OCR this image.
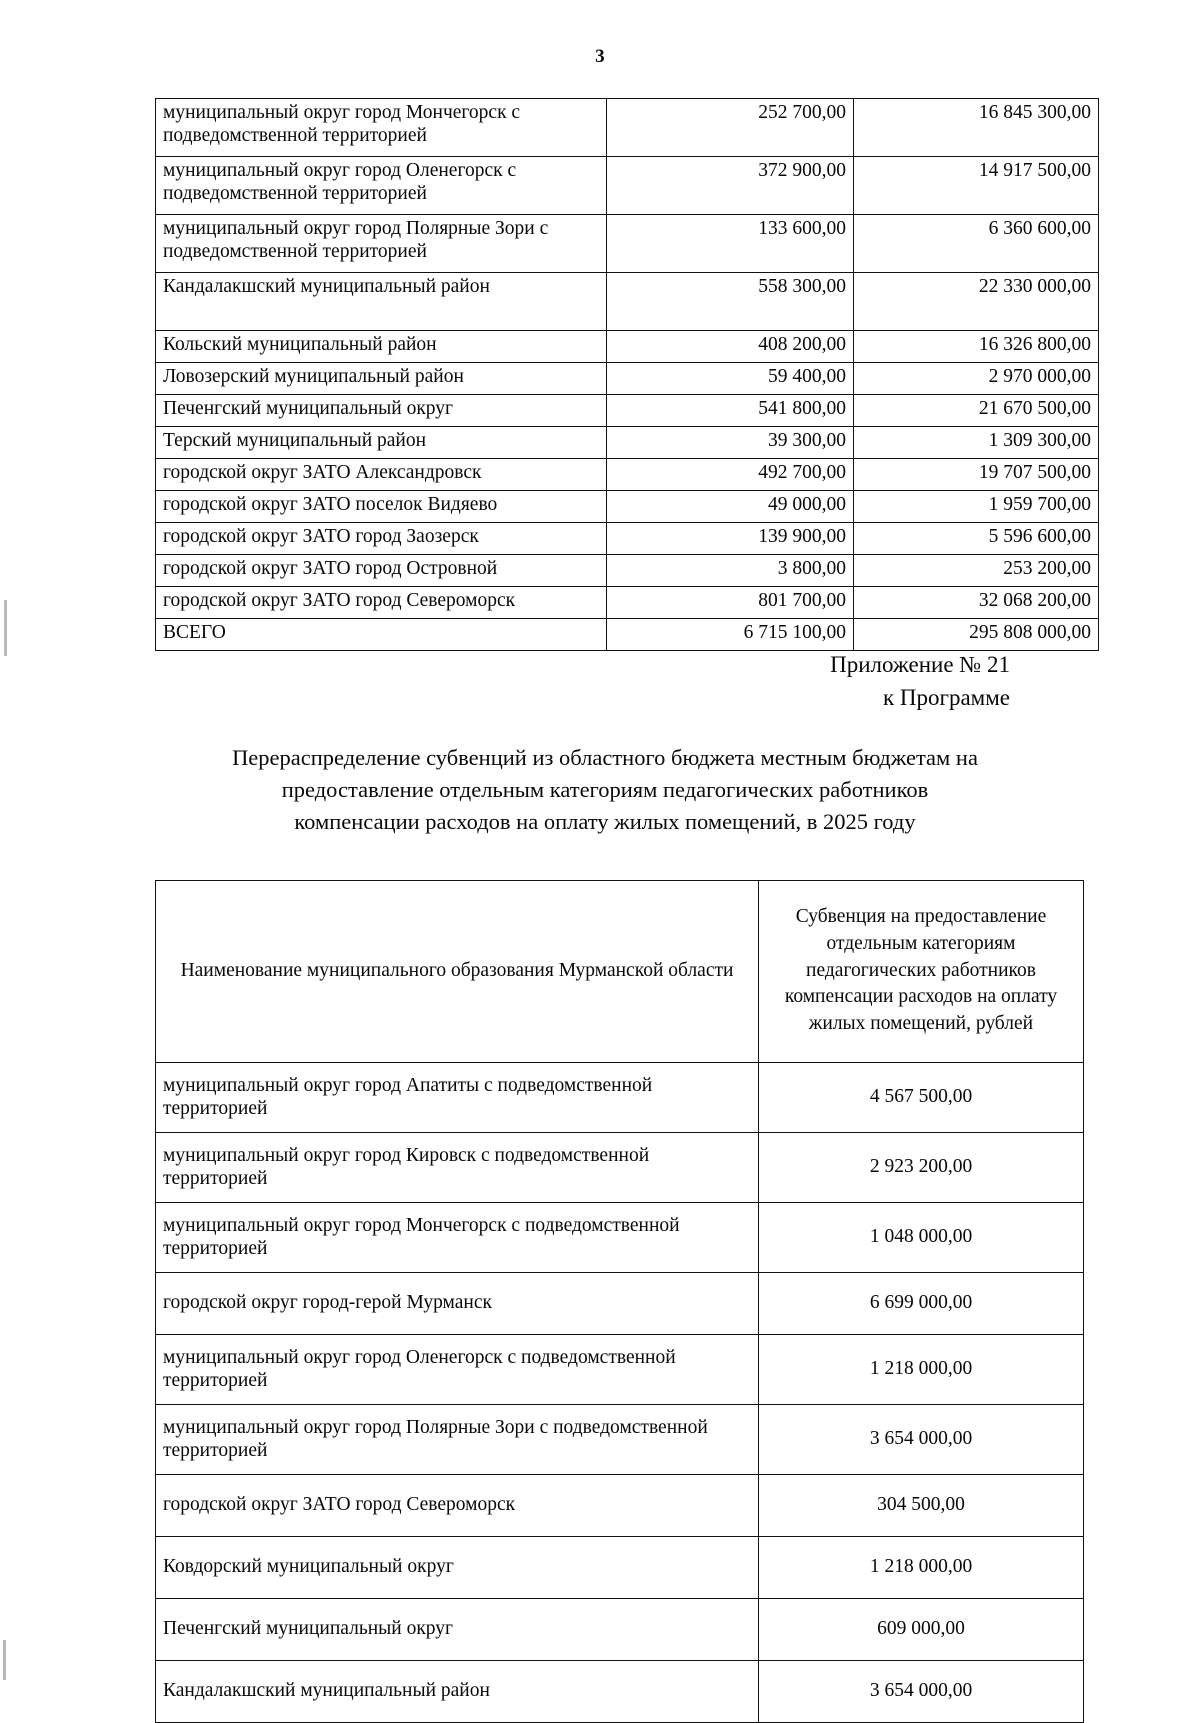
3
муниципальный округ город Мончегорск с подведомственной территорией	252 700,00	16 845 300,00
муниципальный округ город Оленегорск с подведомственной территорией	372 900,00	14 917 500,00
муниципальный округ город Полярные Зори с подведомственной территорией	133 600,00	6 360 600,00
Кандалакшский муниципальный район	558 300,00	22 330 000,00
Кольский муниципальный район	408 200,00	16 326 800,00
Ловозерский муниципальный район	59 400,00	2 970 000,00
Печенгский муниципальный округ	541 800,00	21 670 500,00
Терский муниципальный район	39 300,00	1 309 300,00
городской округ ЗАТО Александровск	492 700,00	19 707 500,00
городской округ ЗАТО поселок Видяево	49 000,00	1 959 700,00
городской округ ЗАТО город Заозерск	139 900,00	5 596 600,00
городской округ ЗАТО город Островной	3 800,00	253 200,00
городской округ ЗАТО город Североморск	801 700,00	32 068 200,00
ВСЕГО	6 715 100,00	295 808 000,00
Приложение № 21
к Программе
Перераспределение субвенций из областного бюджета местным бюджетам на
предоставление отдельным категориям педагогических работников
компенсации расходов на оплату жилых помещений, в 2025 году
Наименование муниципального образования Мурманской области	Субвенция на предоставление отдельным категориям педагогических работников компенсации расходов на оплату жилых помещений, рублей
муниципальный округ город Апатиты с подведомственной территорией	4 567 500,00
муниципальный округ город Кировск с подведомственной территорией	2 923 200,00
муниципальный округ город Мончегорск с подведомственной территорией	1 048 000,00
городской округ город-герой Мурманск	6 699 000,00
муниципальный округ город Оленегорск с подведомственной территорией	1 218 000,00
муниципальный округ город Полярные Зори с подведомственной территорией	3 654 000,00
городской округ ЗАТО город Североморск	304 500,00
Ковдорский муниципальный округ	1 218 000,00
Печенгский муниципальный округ	609 000,00
Кандалакшский муниципальный район	3 654 000,00
